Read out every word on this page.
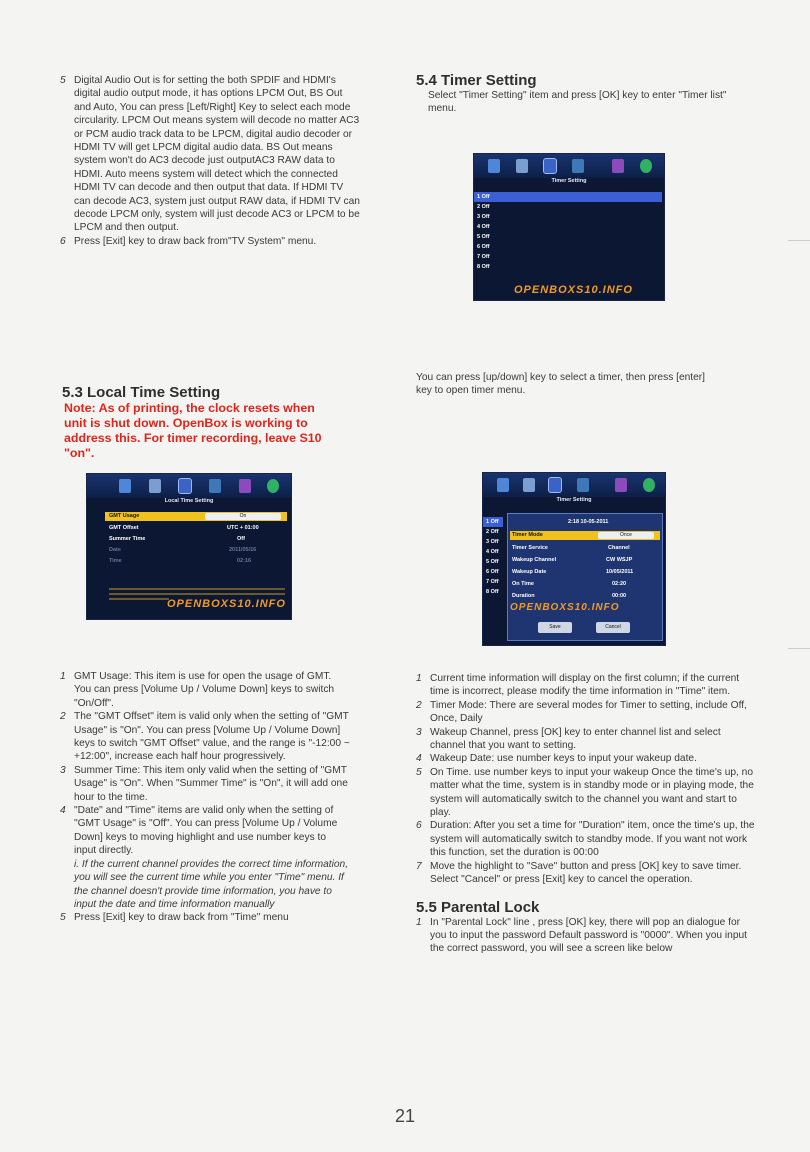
5 Digital Audio Out is for setting the both SPDIF and HDMI's digital audio output mode, it has options LPCM Out, BS Out and Auto, You can press [Left/Right] Key to select each mode circularity. LPCM Out means system will decode no matter AC3 or PCM audio track data to be LPCM, digital audio decoder or HDMI TV will get LPCM digital audio data. BS Out means system won't do AC3 decode just outputAC3 RAW data to HDMI. Auto meens system will detect which the connected HDMI TV can decode and then output that data. If HDMI TV can decode AC3, system just output RAW data, if HDMI TV can decode LPCM only, system will just decode AC3 or LPCM to be LPCM and then output.
6 Press [Exit] key to draw back from"TV System" menu.
5.3 Local Time Setting
Note: As of printing, the clock resets when unit is shut down. OpenBox is working to address this. For timer recording, leave S10 "on".
Local Time Setting
GMT Usage	On
GMT Offset	UTC + 01:00
Summer Time	Off
Date	2011/05/16
Time	02:16
OPENBOXS10.INFO
1 GMT Usage: This item is use for open the usage of GMT. You can press [Volume Up / Volume Down] keys to switch "On/Off".
2 The "GMT Offset" item is valid only when the setting of "GMT Usage" is "On". You can press [Volume Up / Volume Down] keys to switch "GMT Offset" value, and the range is "-12:00 ~ +12:00", increase each half hour progressively.
3 Summer Time: This item only valid when the setting of "GMT Usage" is "On". When "Summer Time" is "On", it will add one hour to the time.
4 "Date" and "Time" items are valid only when the setting of "GMT Usage" is "Off". You can press [Volume Up / Volume Down] keys to moving highlight and use number keys to input directly.
i. If the current channel provides the correct time information, you will see the current time while you enter "Time" menu. If the channel doesn't provide time information, you have to input the date and time information manually
5 Press [Exit] key to draw back from "Time" menu
5.4 Timer Setting
Select "Timer Setting" item and press [OK] key to enter "Timer list" menu.
Timer Setting
1 Off
2 Off
3 Off
4 Off
5 Off
6 Off
7 Off
8 Off
OPENBOXS10.INFO
You can press [up/down] key to select a timer, then press [enter] key to open timer menu.
Timer Setting
1 Off
2 Off
3 Off
4 Off
5 Off
6 Off
7 Off
8 Off
2:18 10-05-2011
Timer Mode	Once
Timer Service	Channel
Wakeup Channel	CW WSJP
Wakeup Date	10/05/2011
On Time	02:20
Duration	00:00
OPENBOXS10.INFO
Save	Cancel
1 Current time information will display on the first column; if the current time is incorrect, please modify the time information in "Time" item.
2 Timer Mode: There are several modes for Timer to setting, include Off, Once, Daily
3 Wakeup Channel, press [OK] key to enter channel list and select channel that you want to setting.
4 Wakeup Date: use number keys to input your wakeup date.
5 On Time. use number keys to input your wakeup Once the time's up, no matter what the time, system is in standby mode or in playing mode, the system will automatically switch to the channel you want and start to play.
6 Duration: After you set a time for "Duration" item, once the time's up, the system will automatically switch to standby mode. If you want not work this function, set the duration is 00:00
7 Move the highlight to "Save" button and press [OK] key to save timer. Select "Cancel" or press [Exit] key to cancel the operation.
5.5 Parental Lock
1 In "Parental Lock" line , press [OK] key, there will pop an dialogue for you to input the password Default password is "0000". When you input the correct password, you will see a screen like below
21
